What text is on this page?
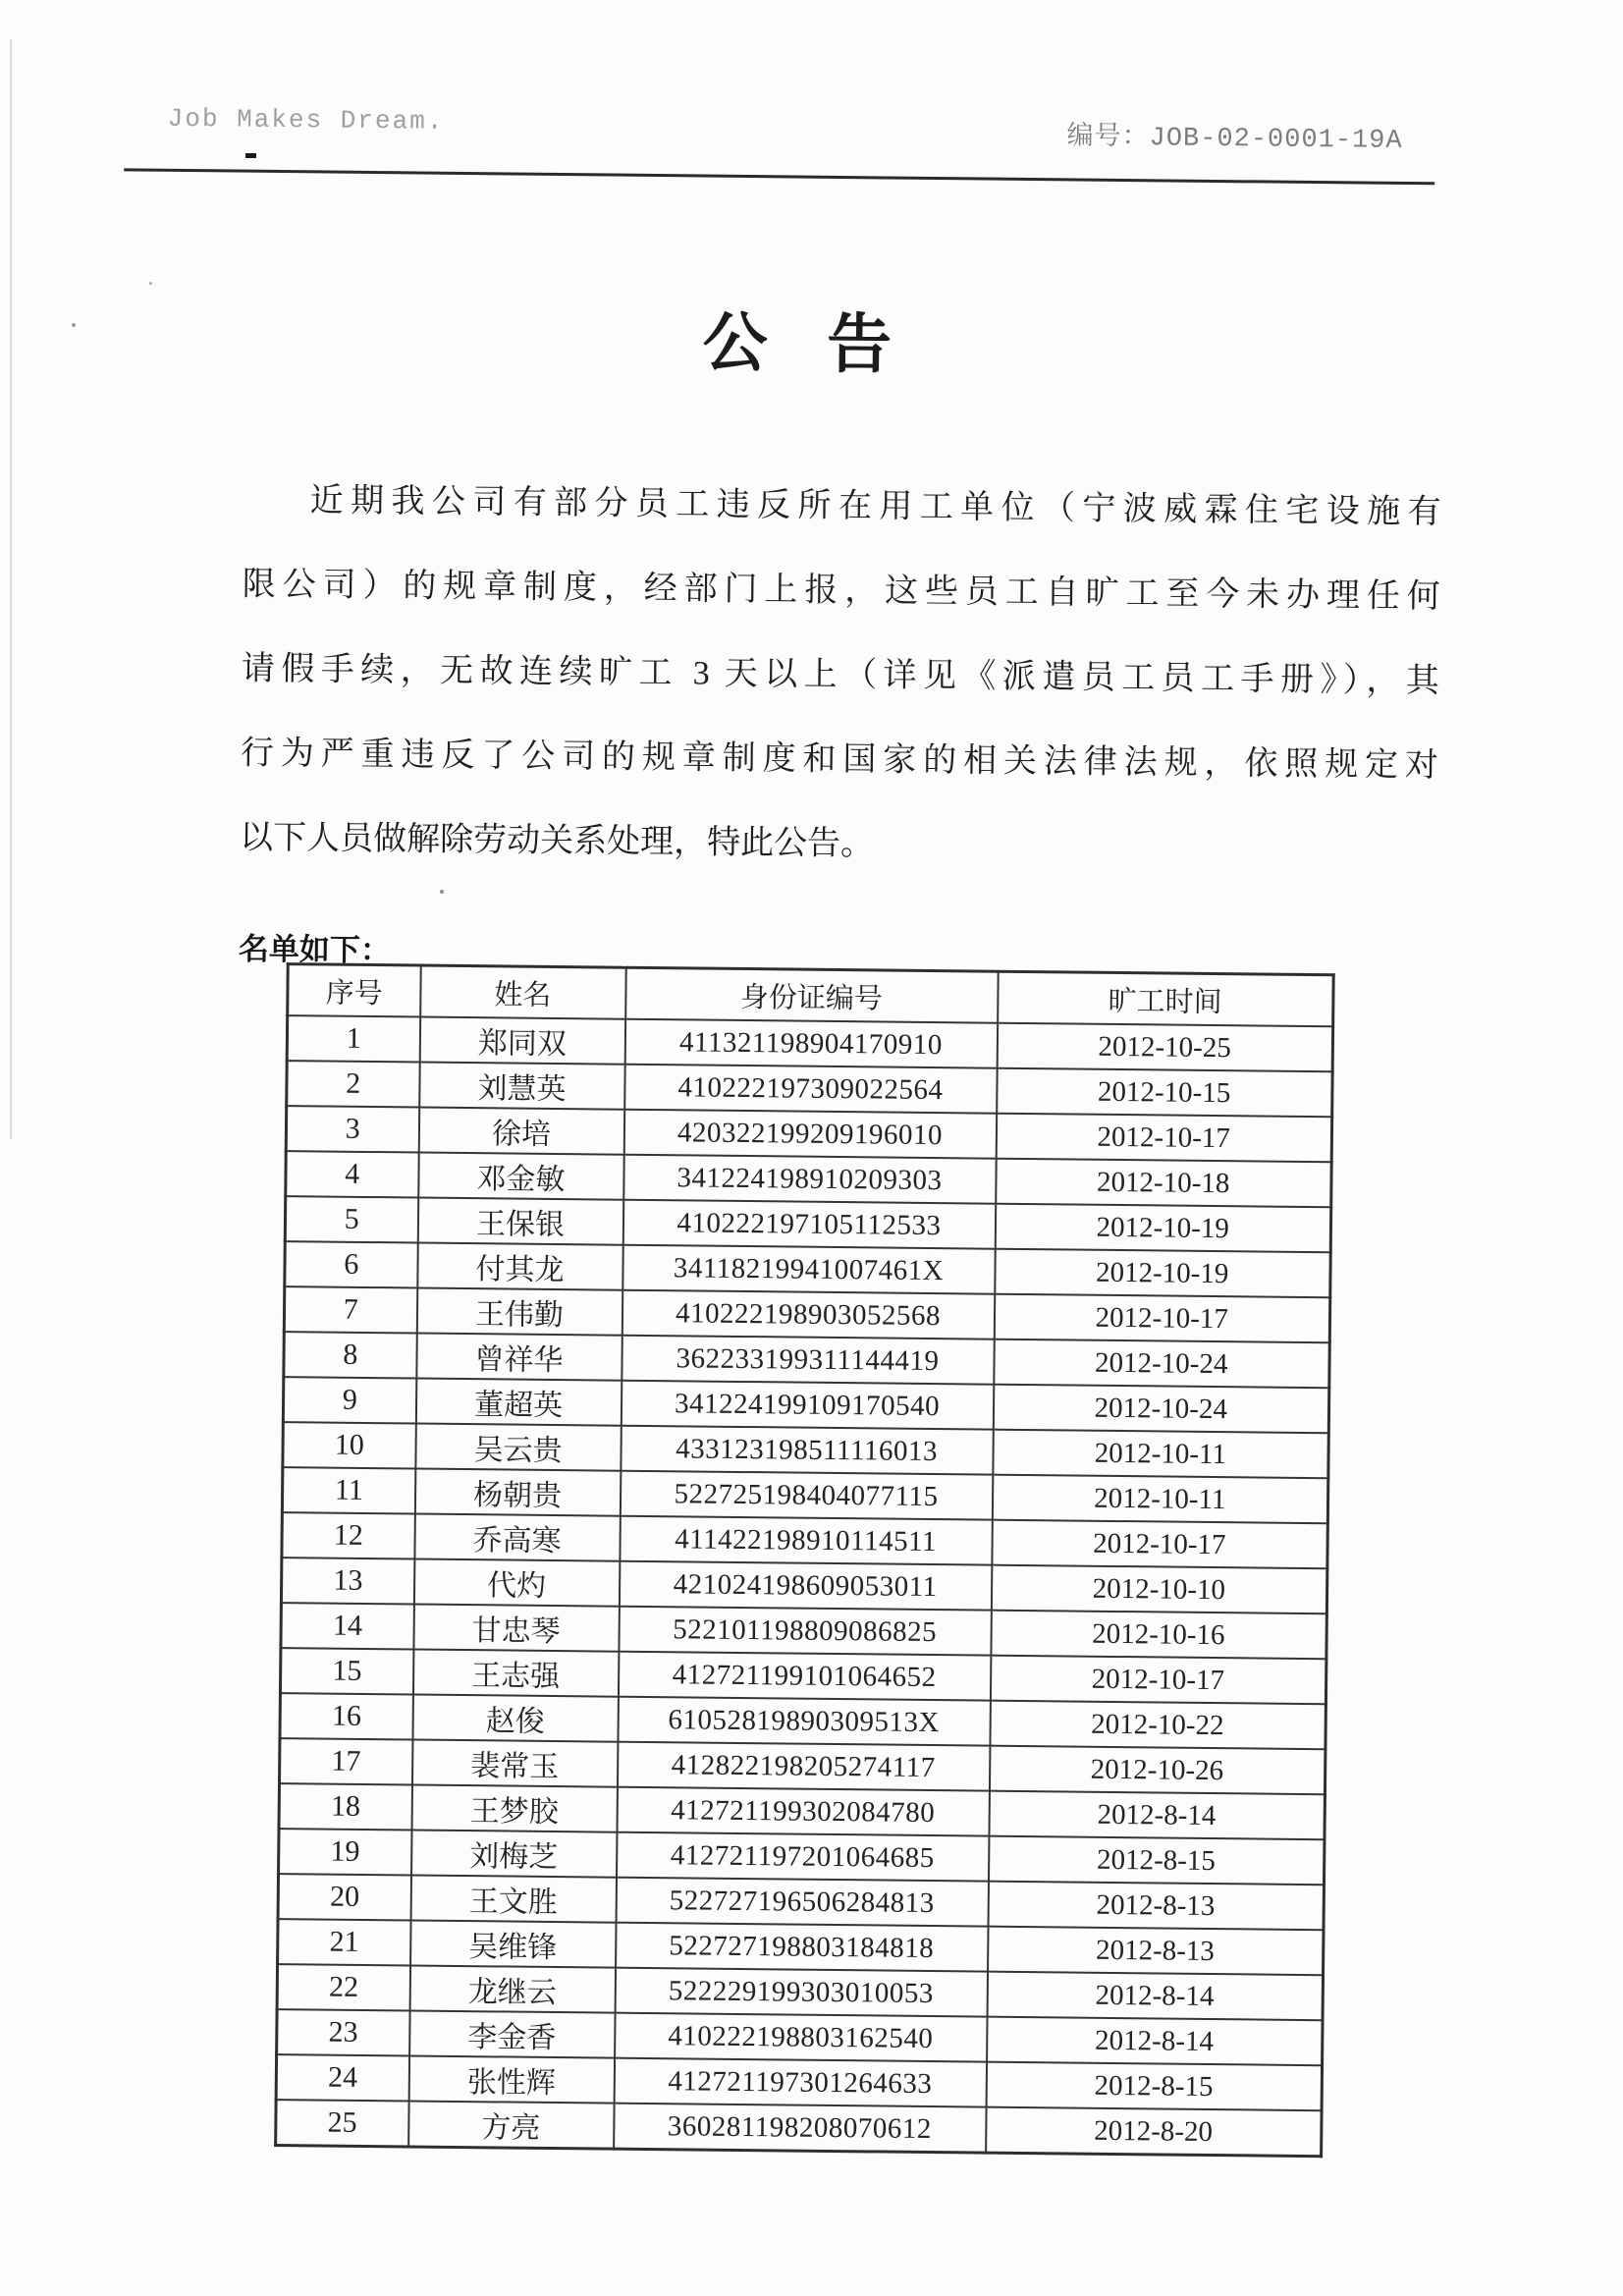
Job Makes Dream.
编号：JOB-02-0001-19A
公 告
近期我公司有部分员工违反所在用工单位（宁波威霖住宅设施有
限公司）的规章制度，经部门上报，这些员工自旷工至今未办理任何
请假手续，无故连续旷工 3 天以上（详见《派遣员工员工手册》），其
行为严重违反了公司的规章制度和国家的相关法律法规，依照规定对
以下人员做解除劳动关系处理，特此公告。
名单如下：
序号	姓名	身份证编号	旷工时间
1	郑同双	411321198904170910	2012-10-25
2	刘慧英	410222197309022564	2012-10-15
3	徐培	420322199209196010	2012-10-17
4	邓金敏	341224198910209303	2012-10-18
5	王保银	410222197105112533	2012-10-19
6	付其龙	34118219941007461X	2012-10-19
7	王伟勤	410222198903052568	2012-10-17
8	曾祥华	362233199311144419	2012-10-24
9	董超英	341224199109170540	2012-10-24
10	吴云贵	433123198511116013	2012-10-11
11	杨朝贵	522725198404077115	2012-10-11
12	乔高寒	411422198910114511	2012-10-17
13	代灼	421024198609053011	2012-10-10
14	甘忠琴	522101198809086825	2012-10-16
15	王志强	412721199101064652	2012-10-17
16	赵俊	61052819890309513X	2012-10-22
17	裴常玉	412822198205274117	2012-10-26
18	王梦胶	412721199302084780	2012-8-14
19	刘梅芝	412721197201064685	2012-8-15
20	王文胜	522727196506284813	2012-8-13
21	吴维锋	522727198803184818	2012-8-13
22	龙继云	522229199303010053	2012-8-14
23	李金香	410222198803162540	2012-8-14
24	张性辉	412721197301264633	2012-8-15
25	方亮	360281198208070612	2012-8-20
